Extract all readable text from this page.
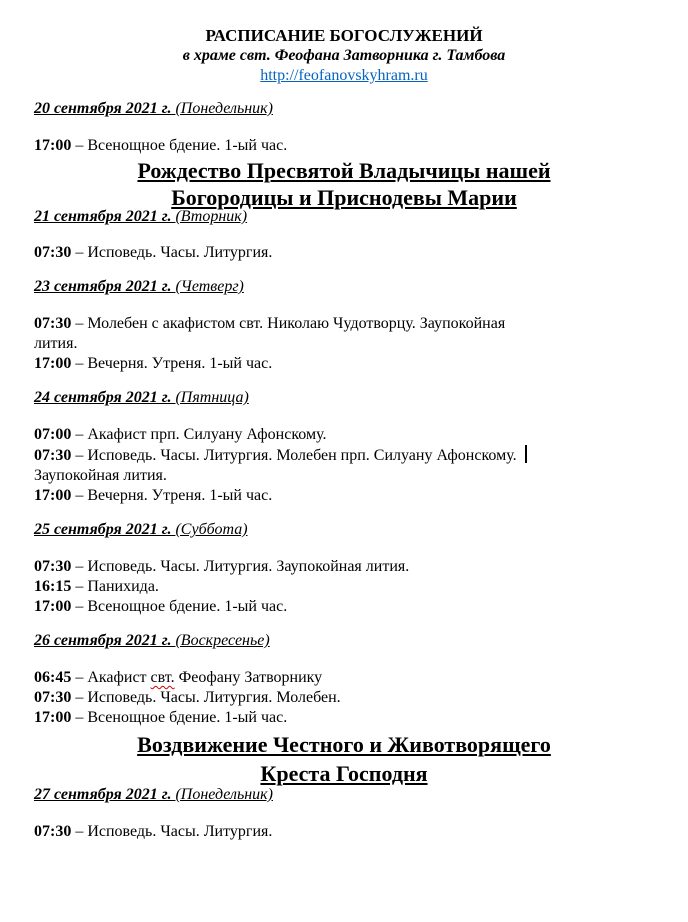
РАСПИСАНИЕ БОГОСЛУЖЕНИЙ

в храме свт. Феофана Затворника г. Тамбова

http://feofanovskyhram.ru

20 сентября 2021 г. (Понедельник)

17:00 – Всенощное бдение. 1-ый час.

Рождество Пресвятой Владычицы нашей

Богородицы и Приснодевы Марии

21 сентября 2021 г. (Вторник)

07:30 – Исповедь. Часы. Литургия.

23 сентября 2021 г. (Четверг)

07:30 – Молебен с акафистом свт. Николаю Чудотворцу. Заупокойная
лития.

17:00 – Вечерня. Утреня. 1-ый час.

24 сентября 2021 г. (Пятница)

07:00 – Акафист прп. Силуану Афонскому.

07:30 – Исповедь. Часы. Литургия. Молебен прп. Силуану Афонскому.
Заупокойная лития.

17:00 – Вечерня. Утреня. 1-ый час.

25 сентября 2021 г. (Суббота)

07:30 – Исповедь. Часы. Литургия. Заупокойная лития.

16:15 – Панихида.

17:00 – Всенощное бдение. 1-ый час.

26 сентября 2021 г. (Воскресенье)

06:45 – Акафист свт. Феофану Затворнику

07:30 – Исповедь. Часы. Литургия. Молебен.

17:00 – Всенощное бдение. 1-ый час.

Воздвижение Честного и Животворящего

Креста Господня

27 сентября 2021 г. (Понедельник)

07:30 – Исповедь. Часы. Литургия.
